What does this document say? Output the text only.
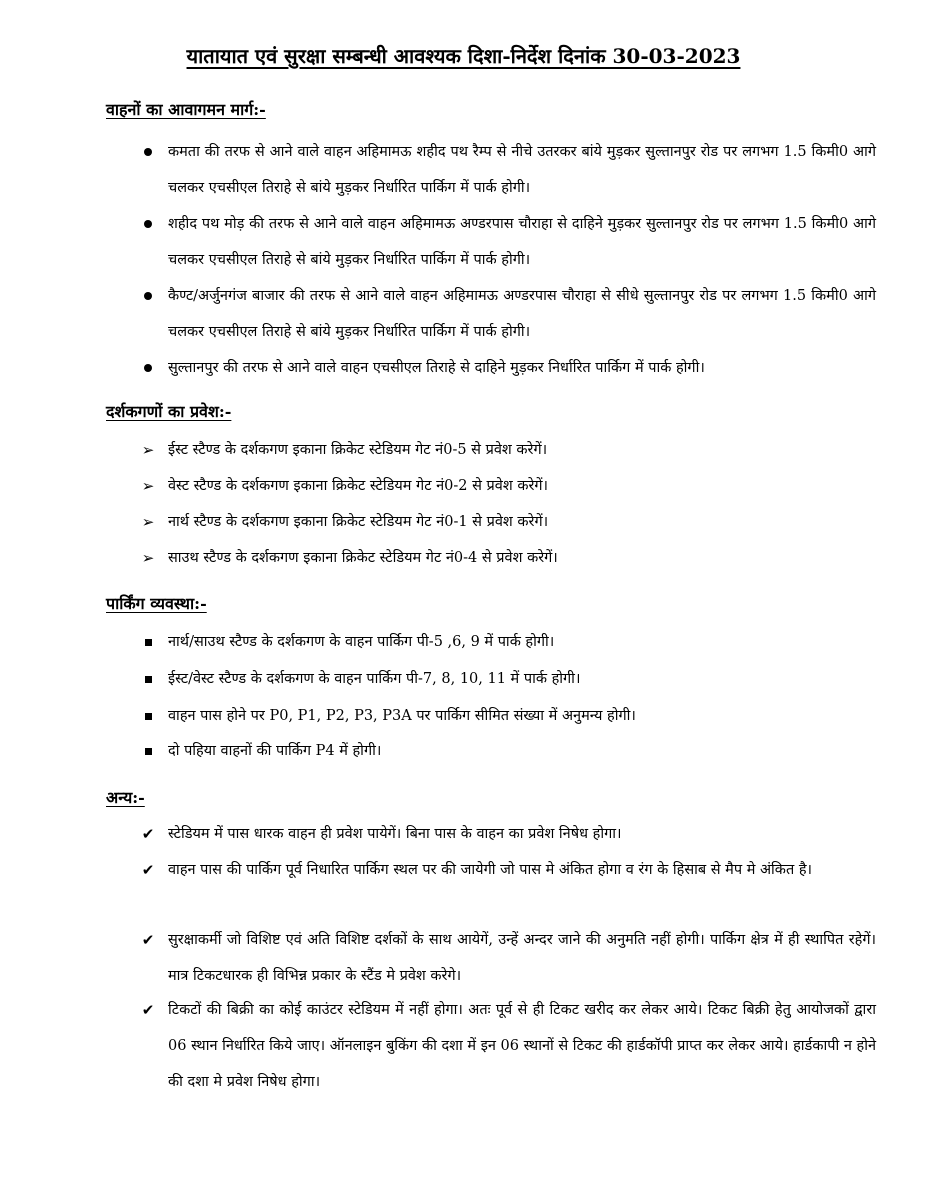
यातायात एवं सुरक्षा सम्बन्धी आवश्यक दिशा-निर्देश दिनांक 30-03-2023
वाहनों का आवागमन मार्ग:-
कमता की तरफ से आने वाले वाहन अहिमामऊ शहीद पथ रैम्प से नीचे उतरकर बांये मुड़कर सुल्तानपुर रोड पर लगभग 1.5 किमी0 आगे चलकर एचसीएल तिराहे से बांये मुड़कर निर्धारित पार्किग में पार्क होगी।
शहीद पथ मोड़ की तरफ से आने वाले वाहन अहिमामऊ अण्डरपास चौराहा से दाहिने मुड़कर सुल्तानपुर रोड पर लगभग 1.5 किमी0 आगे चलकर एचसीएल तिराहे से बांये मुड़कर निर्धारित पार्किग में पार्क होगी।
कैण्ट/अर्जुनगंज बाजार की तरफ से आने वाले वाहन अहिमामऊ अण्डरपास चौराहा से सीधे सुल्तानपुर रोड पर लगभग 1.5 किमी0 आगे चलकर एचसीएल तिराहे से बांये मुड़कर निर्धारित पार्किग में पार्क होगी।
सुल्तानपुर की तरफ से आने वाले वाहन एचसीएल तिराहे से दाहिने मुड़कर निर्धारित पार्किग में पार्क होगी।
दर्शकगणों का प्रवेश:-
➢ ईस्ट स्टैण्ड के दर्शकगण इकाना क्रिकेट स्टेडियम गेट नं0-5 से प्रवेश करेगें।
➢ वेस्ट स्टैण्ड के दर्शकगण इकाना क्रिकेट स्टेडियम गेट नं0-2 से प्रवेश करेगें।
➢ नार्थ स्टैण्ड के दर्शकगण इकाना क्रिकेट स्टेडियम गेट नं0-1 से प्रवेश करेगें।
➢ साउथ स्टैण्ड के दर्शकगण इकाना क्रिकेट स्टेडियम गेट नं0-4 से प्रवेश करेगें।
पार्किंग व्यवस्था:-
नार्थ/साउथ स्टैण्ड के दर्शकगण के वाहन पार्किग पी-5 ,6, 9 में पार्क होगी।
ईस्ट/वेस्ट स्टैण्ड के दर्शकगण के वाहन पार्किग पी-7, 8, 10, 11 में पार्क होगी।
वाहन पास होने पर P0, P1, P2, P3, P3A पर पार्किग सीमित संख्या में अनुमन्य होगी।
दो पहिया वाहनों की पार्किग P4 में होगी।
अन्य:-
✔ स्टेडियम में पास धारक वाहन ही प्रवेश पायेगें। बिना पास के वाहन का प्रवेश निषेध होगा।
✔ वाहन पास की पार्किग पूर्व निधारित पार्किग स्थल पर की जायेगी जो पास मे अंकित होगा व रंग के हिसाब से मैप मे अंकित है।
✔ सुरक्षाकर्मी जो विशिष्ट एवं अति विशिष्ट दर्शकों के साथ आयेगें, उन्हें अन्दर जाने की अनुमति नहीं होगी। पार्किग क्षेत्र में ही स्थापित रहेगें। मात्र टिकटधारक ही विभिन्न प्रकार के स्टैंड मे प्रवेश करेगे।
✔ टिकटों की बिक्री का कोई काउंटर स्टेडियम में नहीं होगा। अतः पूर्व से ही टिकट खरीद कर लेकर आये। टिकट बिक्री हेतु आयोजकों द्वारा 06 स्थान निर्धारित किये जाए। ऑनलाइन बुकिंग की दशा में इन 06 स्थानों से टिकट की हार्डकॉपी प्राप्त कर लेकर आये। हार्डकापी न होने की दशा मे प्रवेश निषेध होगा।
